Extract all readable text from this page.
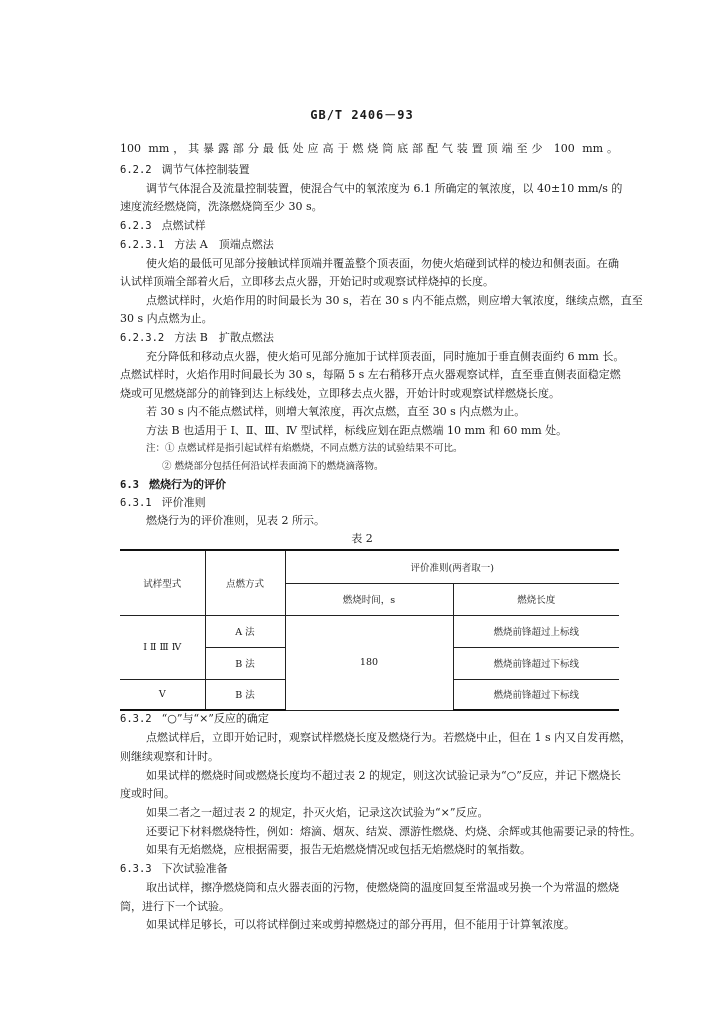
GB/T 2406－93
100 mm，其暴露部分最低处应高于燃烧筒底部配气装置顶端至少 100 mm。
6.2.2 调节气体控制装置
调节气体混合及流量控制装置，使混合气中的氧浓度为 6.1 所确定的氧浓度，以 40±10 mm/s 的
速度流经燃烧筒，洗涤燃烧筒至少 30 s。
6.2.3 点燃试样
6.2.3.1 方法 A　顶端点燃法
使火焰的最低可见部分接触试样顶端并覆盖整个顶表面，勿使火焰碰到试样的棱边和侧表面。在确
认试样顶端全部着火后，立即移去点火器，开始记时或观察试样烧掉的长度。
点燃试样时，火焰作用的时间最长为 30 s，若在 30 s 内不能点燃，则应增大氧浓度，继续点燃，直至
30 s 内点燃为止。
6.2.3.2 方法 B　扩散点燃法
充分降低和移动点火器，使火焰可见部分施加于试样顶表面，同时施加于垂直侧表面约 6 mm 长。
点燃试样时，火焰作用时间最长为 30 s，每隔 5 s 左右稍移开点火器观察试样，直至垂直侧表面稳定燃
烧或可见燃烧部分的前锋到达上标线处，立即移去点火器，开始计时或观察试样燃烧长度。
若 30 s 内不能点燃试样，则增大氧浓度，再次点燃，直至 30 s 内点燃为止。
方法 B 也适用于 Ⅰ、Ⅱ、Ⅲ、Ⅳ 型试样，标线应划在距点燃端 10 mm 和 60 mm 处。
注：① 点燃试样是指引起试样有焰燃烧，不同点燃方法的试验结果不可比。
② 燃烧部分包括任何沿试样表面淌下的燃烧滴落物。
6.3 燃烧行为的评价
6.3.1 评价准则
燃烧行为的评价准则，见表 2 所示。
表 2
试样型式	点燃方式	评价准则(两者取一)	
		燃烧时间，s	燃烧长度
Ⅰ Ⅱ Ⅲ Ⅳ	A 法	180	燃烧前锋超过上标线
	B 法		燃烧前锋超过下标线
Ⅴ	B 法		燃烧前锋超过下标线
6.3.2 “○”与“×”反应的确定
点燃试样后，立即开始记时，观察试样燃烧长度及燃烧行为。若燃烧中止，但在 1 s 内又自发再燃，
则继续观察和计时。
如果试样的燃烧时间或燃烧长度均不超过表 2 的规定，则这次试验记录为“○”反应，并记下燃烧长
度或时间。
如果二者之一超过表 2 的规定，扑灭火焰，记录这次试验为“×”反应。
还要记下材料燃烧特性，例如：熔滴、烟灰、结炭、漂游性燃烧、灼烧、余辉或其他需要记录的特性。
如果有无焰燃烧，应根据需要，报告无焰燃烧情况或包括无焰燃烧时的氧指数。
6.3.3 下次试验准备
取出试样，擦净燃烧筒和点火器表面的污物，使燃烧筒的温度回复至常温或另换一个为常温的燃烧
筒，进行下一个试验。
如果试样足够长，可以将试样倒过来或剪掉燃烧过的部分再用，但不能用于计算氧浓度。
